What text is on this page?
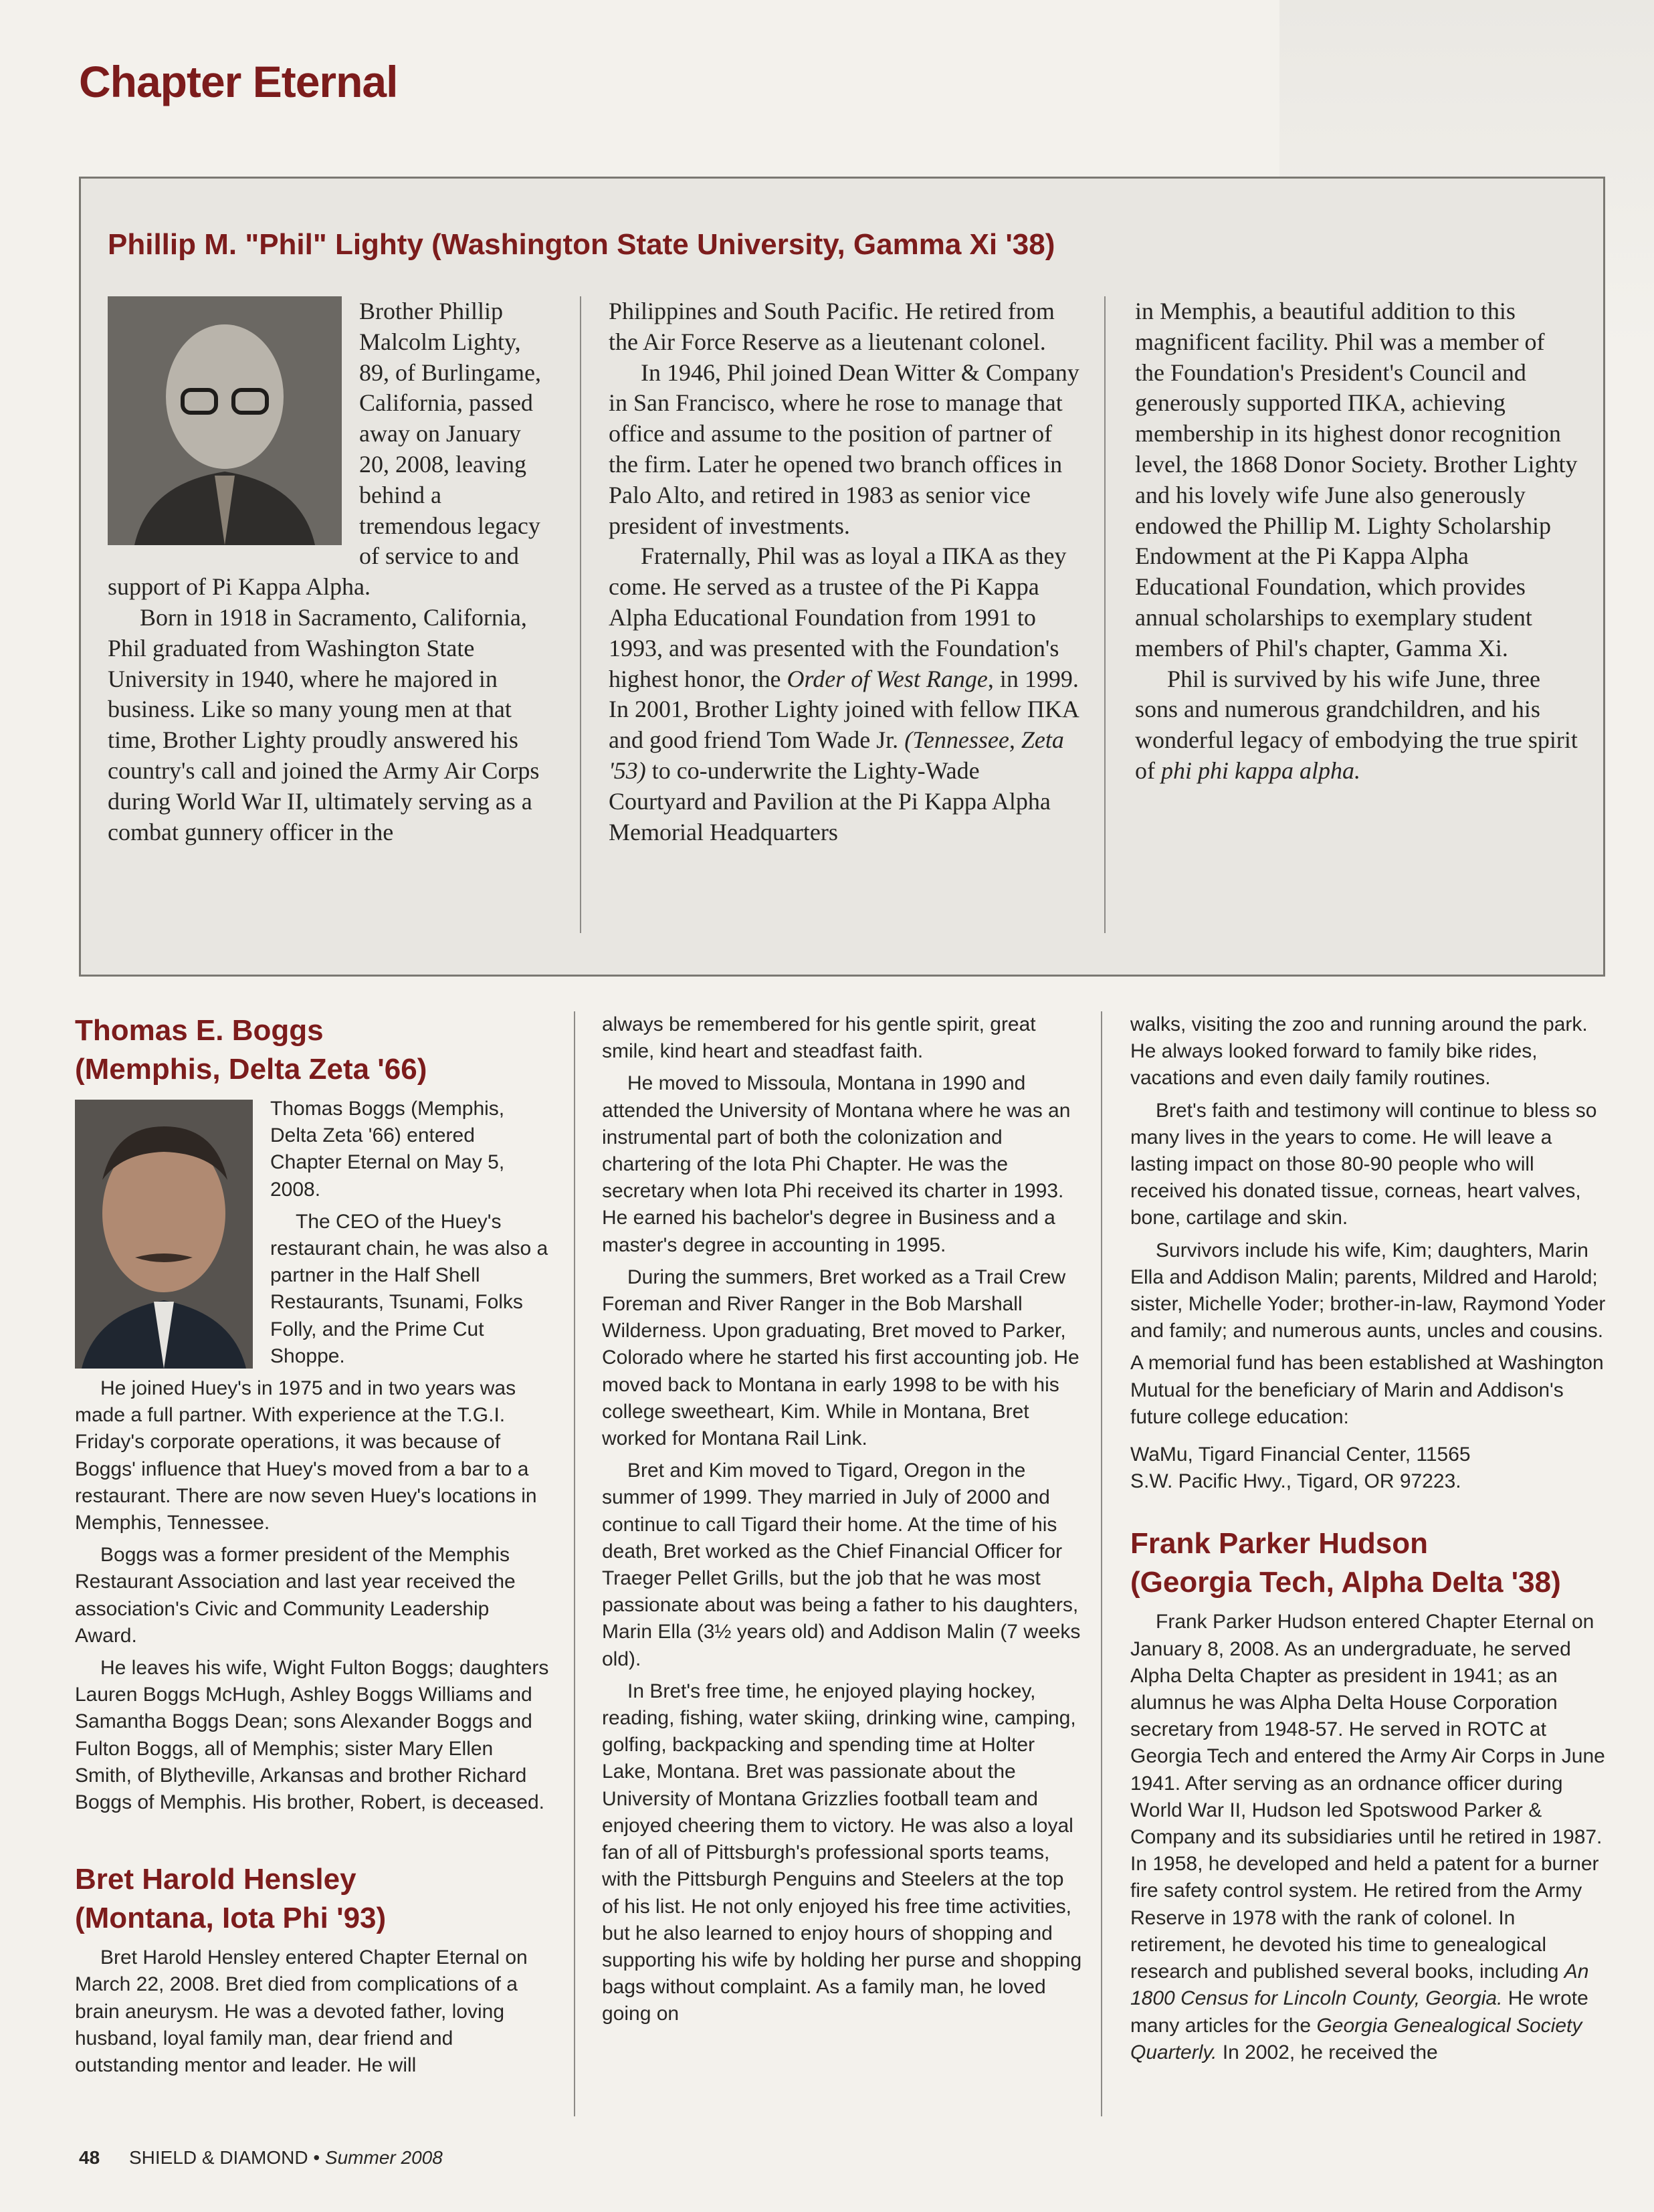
Chapter Eternal
Phillip M. "Phil" Lighty (Washington State University, Gamma Xi '38)

Brother Phillip Malcolm Lighty, 89, of Burlingame, California, passed away on January 20, 2008, leaving behind a tremendous legacy of service to and support of Pi Kappa Alpha.

Born in 1918 in Sacramento, California, Phil graduated from Washington State University in 1940, where he majored in business. Like so many young men at that time, Brother Lighty proudly answered his country's call and joined the Army Air Corps during World War II, ultimately serving as a combat gunnery officer in the

Philippines and South Pacific. He retired from the Air Force Reserve as a lieutenant colonel.

In 1946, Phil joined Dean Witter & Company in San Francisco, where he rose to manage that office and assume to the position of partner of the firm. Later he opened two branch offices in Palo Alto, and retired in 1983 as senior vice president of investments.

Fraternally, Phil was as loyal a ΠΚΑ as they come. He served as a trustee of the Pi Kappa Alpha Educational Foundation from 1991 to 1993, and was presented with the Foundation's highest honor, the Order of West Range, in 1999. In 2001, Brother Lighty joined with fellow ΠΚΑ and good friend Tom Wade Jr. (Tennessee, Zeta '53) to co-underwrite the Lighty-Wade Courtyard and Pavilion at the Pi Kappa Alpha Memorial Headquarters

in Memphis, a beautiful addition to this magnificent facility. Phil was a member of the Foundation's President's Council and generously supported ΠΚΑ, achieving membership in its highest donor recognition level, the 1868 Donor Society. Brother Lighty and his lovely wife June also generously endowed the Phillip M. Lighty Scholarship Endowment at the Pi Kappa Alpha Educational Foundation, which provides annual scholarships to exemplary student members of Phil's chapter, Gamma Xi.

Phil is survived by his wife June, three sons and numerous grandchildren, and his wonderful legacy of embodying the true spirit of phi phi kappa alpha.

Thomas E. Boggs
(Memphis, Delta Zeta '66)

Thomas Boggs (Memphis, Delta Zeta '66) entered Chapter Eternal on May 5, 2008.

The CEO of the Huey's restaurant chain, he was also a partner in the Half Shell Restaurants, Tsunami, Folks Folly, and the Prime Cut Shoppe.

He joined Huey's in 1975 and in two years was made a full partner. With experience at the T.G.I. Friday's corporate operations, it was because of Boggs' influence that Huey's moved from a bar to a restaurant. There are now seven Huey's locations in Memphis, Tennessee.

Boggs was a former president of the Memphis Restaurant Association and last year received the association's Civic and Community Leadership Award.

He leaves his wife, Wight Fulton Boggs; daughters Lauren Boggs McHugh, Ashley Boggs Williams and Samantha Boggs Dean; sons Alexander Boggs and Fulton Boggs, all of Memphis; sister Mary Ellen Smith, of Blytheville, Arkansas and brother Richard Boggs of Memphis. His brother, Robert, is deceased.

Bret Harold Hensley
(Montana, Iota Phi '93)

Bret Harold Hensley entered Chapter Eternal on March 22, 2008. Bret died from complications of a brain aneurysm. He was a devoted father, loving husband, loyal family man, dear friend and outstanding mentor and leader. He will

always be remembered for his gentle spirit, great smile, kind heart and steadfast faith.

He moved to Missoula, Montana in 1990 and attended the University of Montana where he was an instrumental part of both the colonization and chartering of the Iota Phi Chapter. He was the secretary when Iota Phi received its charter in 1993. He earned his bachelor's degree in Business and a master's degree in accounting in 1995.

During the summers, Bret worked as a Trail Crew Foreman and River Ranger in the Bob Marshall Wilderness. Upon graduating, Bret moved to Parker, Colorado where he started his first accounting job. He moved back to Montana in early 1998 to be with his college sweetheart, Kim. While in Montana, Bret worked for Montana Rail Link.

Bret and Kim moved to Tigard, Oregon in the summer of 1999. They married in July of 2000 and continue to call Tigard their home. At the time of his death, Bret worked as the Chief Financial Officer for Traeger Pellet Grills, but the job that he was most passionate about was being a father to his daughters, Marin Ella (3½ years old) and Addison Malin (7 weeks old).

In Bret's free time, he enjoyed playing hockey, reading, fishing, water skiing, drinking wine, camping, golfing, backpacking and spending time at Holter Lake, Montana. Bret was passionate about the University of Montana Grizzlies football team and enjoyed cheering them to victory. He was also a loyal fan of all of Pittsburgh's professional sports teams, with the Pittsburgh Penguins and Steelers at the top of his list. He not only enjoyed his free time activities, but he also learned to enjoy hours of shopping and supporting his wife by holding her purse and shopping bags without complaint. As a family man, he loved going on

walks, visiting the zoo and running around the park. He always looked forward to family bike rides, vacations and even daily family routines.

Bret's faith and testimony will continue to bless so many lives in the years to come. He will leave a lasting impact on those 80-90 people who will received his donated tissue, corneas, heart valves, bone, cartilage and skin.

Survivors include his wife, Kim; daughters, Marin Ella and Addison Malin; parents, Mildred and Harold; sister, Michelle Yoder; brother-in-law, Raymond Yoder and family; and numerous aunts, uncles and cousins.

A memorial fund has been established at Washington Mutual for the beneficiary of Marin and Addison's future college education:

WaMu, Tigard Financial Center, 11565
S.W. Pacific Hwy., Tigard, OR 97223.

Frank Parker Hudson
(Georgia Tech, Alpha Delta '38)

Frank Parker Hudson entered Chapter Eternal on January 8, 2008. As an undergraduate, he served Alpha Delta Chapter as president in 1941; as an alumnus he was Alpha Delta House Corporation secretary from 1948-57. He served in ROTC at Georgia Tech and entered the Army Air Corps in June 1941. After serving as an ordnance officer during World War II, Hudson led Spotswood Parker & Company and its subsidiaries until he retired in 1987. In 1958, he developed and held a patent for a burner fire safety control system. He retired from the Army Reserve in 1978 with the rank of colonel. In retirement, he devoted his time to genealogical research and published several books, including An 1800 Census for Lincoln County, Georgia. He wrote many articles for the Georgia Genealogical Society Quarterly. In 2002, he received the

48 SHIELD & DIAMOND • Summer 2008
